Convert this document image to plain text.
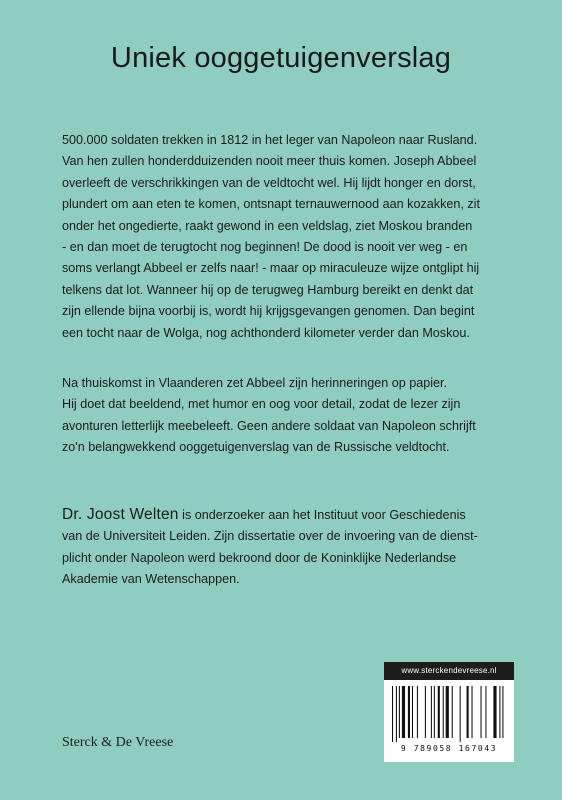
Uniek ooggetuigenverslag
500.000 soldaten trekken in 1812 in het leger van Napoleon naar Rusland.
Van hen zullen honderdduizenden nooit meer thuis komen. Joseph Abbeel
overleeft de verschrikkingen van de veldtocht wel. Hij lijdt honger en dorst,
plundert om aan eten te komen, ontsnapt ternauwernood aan kozakken, zit
onder het ongedierte, raakt gewond in een veldslag, ziet Moskou branden
- en dan moet de terugtocht nog beginnen! De dood is nooit ver weg - en
soms verlangt Abbeel er zelfs naar! - maar op miraculeuze wijze ontglipt hij
telkens dat lot. Wanneer hij op de terugweg Hamburg bereikt en denkt dat
zijn ellende bijna voorbij is, wordt hij krijgsgevangen genomen. Dan begint
een tocht naar de Wolga, nog achthonderd kilometer verder dan Moskou.
Na thuiskomst in Vlaanderen zet Abbeel zijn herinneringen op papier.
Hij doet dat beeldend, met humor en oog voor detail, zodat de lezer zijn
avonturen letterlijk meebeleeft. Geen andere soldaat van Napoleon schrijft
zo'n belangwekkend ooggetuigenverslag van de Russische veldtocht.
Dr. Joost Welten is onderzoeker aan het Instituut voor Geschiedenis
van de Universiteit Leiden. Zijn dissertatie over de invoering van de dienst-
plicht onder Napoleon werd bekroond door de Koninklijke Nederlandse
Akademie van Wetenschappen.
Sterck & De Vreese
www.sterckendevreese.nl
9 789058 167043
